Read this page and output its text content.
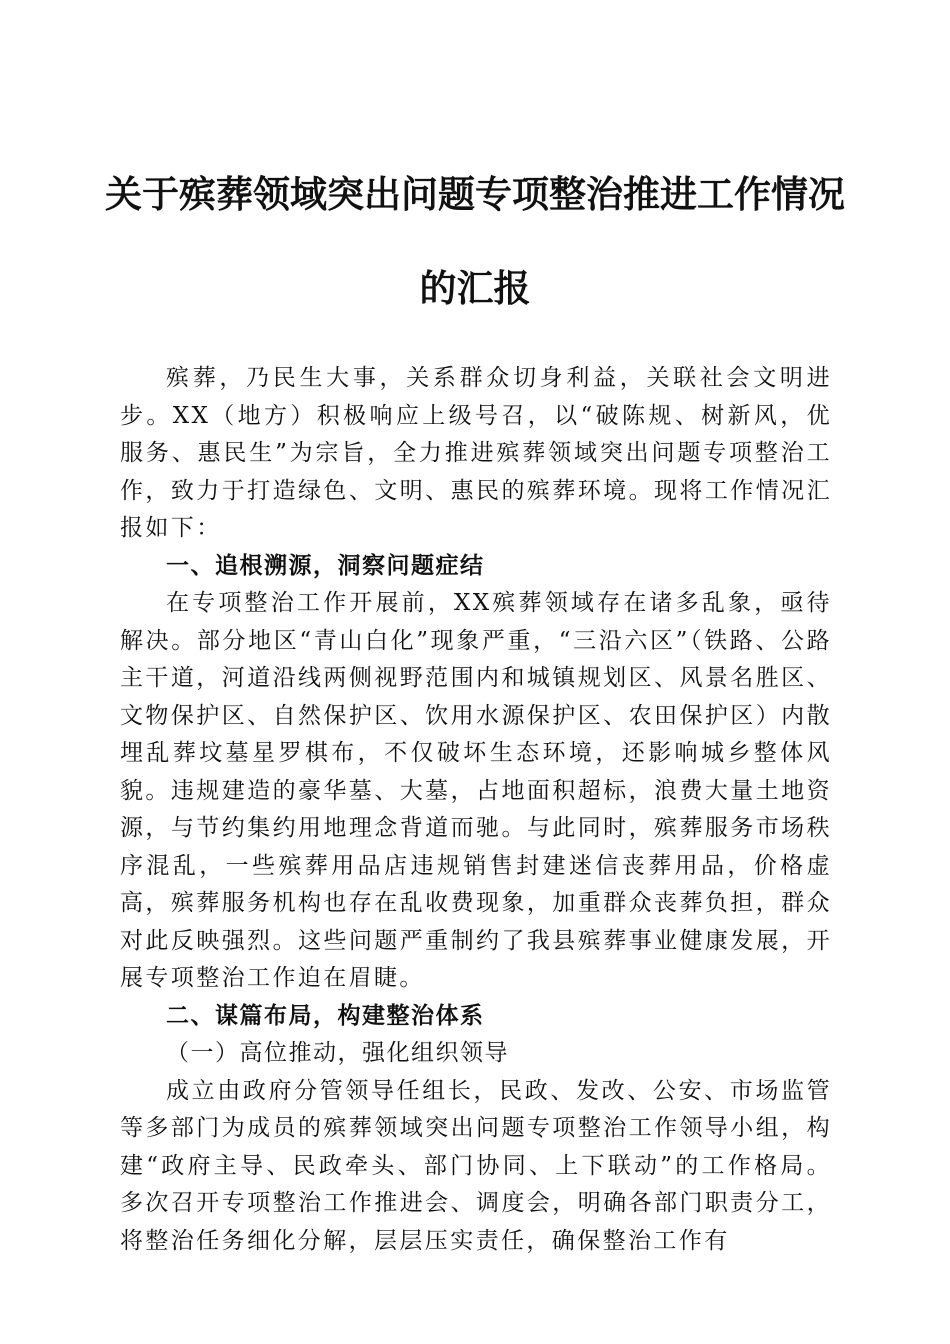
关于殡葬领域突出问题专项整治推进工作情况
的汇报

殡葬，乃民生大事，关系群众切身利益，关联社会文明进步。XX（地方）积极响应上级号召，以“破陈规、树新风，优服务、惠民生”为宗旨，全力推进殡葬领域突出问题专项整治工作，致力于打造绿色、文明、惠民的殡葬环境。现将工作情况汇报如下：

一、追根溯源，洞察问题症结

在专项整治工作开展前，XX殡葬领域存在诸多乱象，亟待解决。部分地区“青山白化”现象严重，“三沿六区”（铁路、公路主干道，河道沿线两侧视野范围内和城镇规划区、风景名胜区、文物保护区、自然保护区、饮用水源保护区、农田保护区）内散埋乱葬坟墓星罗棋布，不仅破坏生态环境，还影响城乡整体风貌。违规建造的豪华墓、大墓，占地面积超标，浪费大量土地资源，与节约集约用地理念背道而驰。与此同时，殡葬服务市场秩序混乱，一些殡葬用品店违规销售封建迷信丧葬用品，价格虚高，殡葬服务机构也存在乱收费现象，加重群众丧葬负担，群众对此反映强烈。这些问题严重制约了我县殡葬事业健康发展，开展专项整治工作迫在眉睫。

二、谋篇布局，构建整治体系

（一）高位推动，强化组织领导

成立由政府分管领导任组长，民政、发改、公安、市场监管等多部门为成员的殡葬领域突出问题专项整治工作领导小组，构建“政府主导、民政牵头、部门协同、上下联动”的工作格局。多次召开专项整治工作推进会、调度会，明确各部门职责分工，将整治任务细化分解，层层压实责任，确保整治工作有
